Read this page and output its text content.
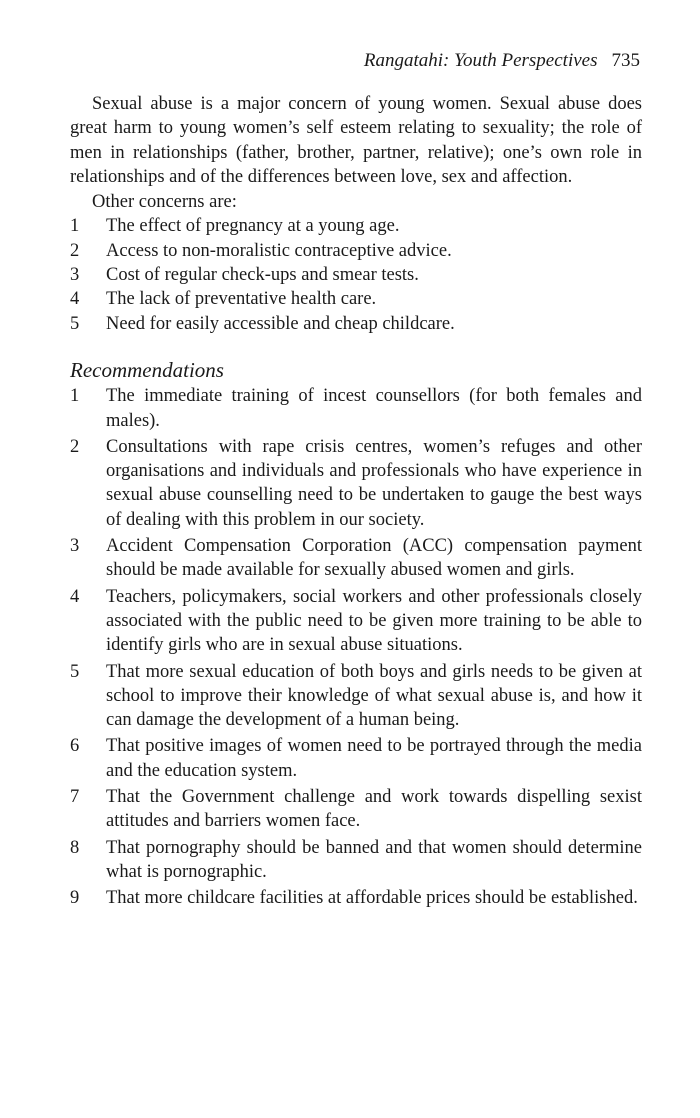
Rangatahi: Youth Perspectives 735

Sexual abuse is a major concern of young women. Sexual abuse does great harm to young women’s self esteem relating to sexuality; the role of men in relationships (father, brother, partner, relative); one’s own role in relationships and of the differences between love, sex and affection.

Other concerns are:

1	The effect of pregnancy at a young age.
2	Access to non-moralistic contraceptive advice.
3	Cost of regular check-ups and smear tests.
4	The lack of preventative health care.
5	Need for easily accessible and cheap childcare.
Recommendations
1	The immediate training of incest counsellors (for both females and males).
2	Consultations with rape crisis centres, women’s refuges and other organisations and individuals and professionals who have experience in sexual abuse counselling need to be undertaken to gauge the best ways of dealing with this problem in our society.
3	Accident Compensation Corporation (ACC) compensation payment should be made available for sexually abused women and girls.
4	Teachers, policymakers, social workers and other professionals closely associated with the public need to be given more training to be able to identify girls who are in sexual abuse situations.
5	That more sexual education of both boys and girls needs to be given at school to improve their knowledge of what sexual abuse is, and how it can damage the development of a human being.
6	That positive images of women need to be portrayed through the media and the education system.
7	That the Government challenge and work towards dispelling sexist attitudes and barriers women face.
8	That pornography should be banned and that women should determine what is pornographic.
9	That more childcare facilities at affordable prices should be established.
